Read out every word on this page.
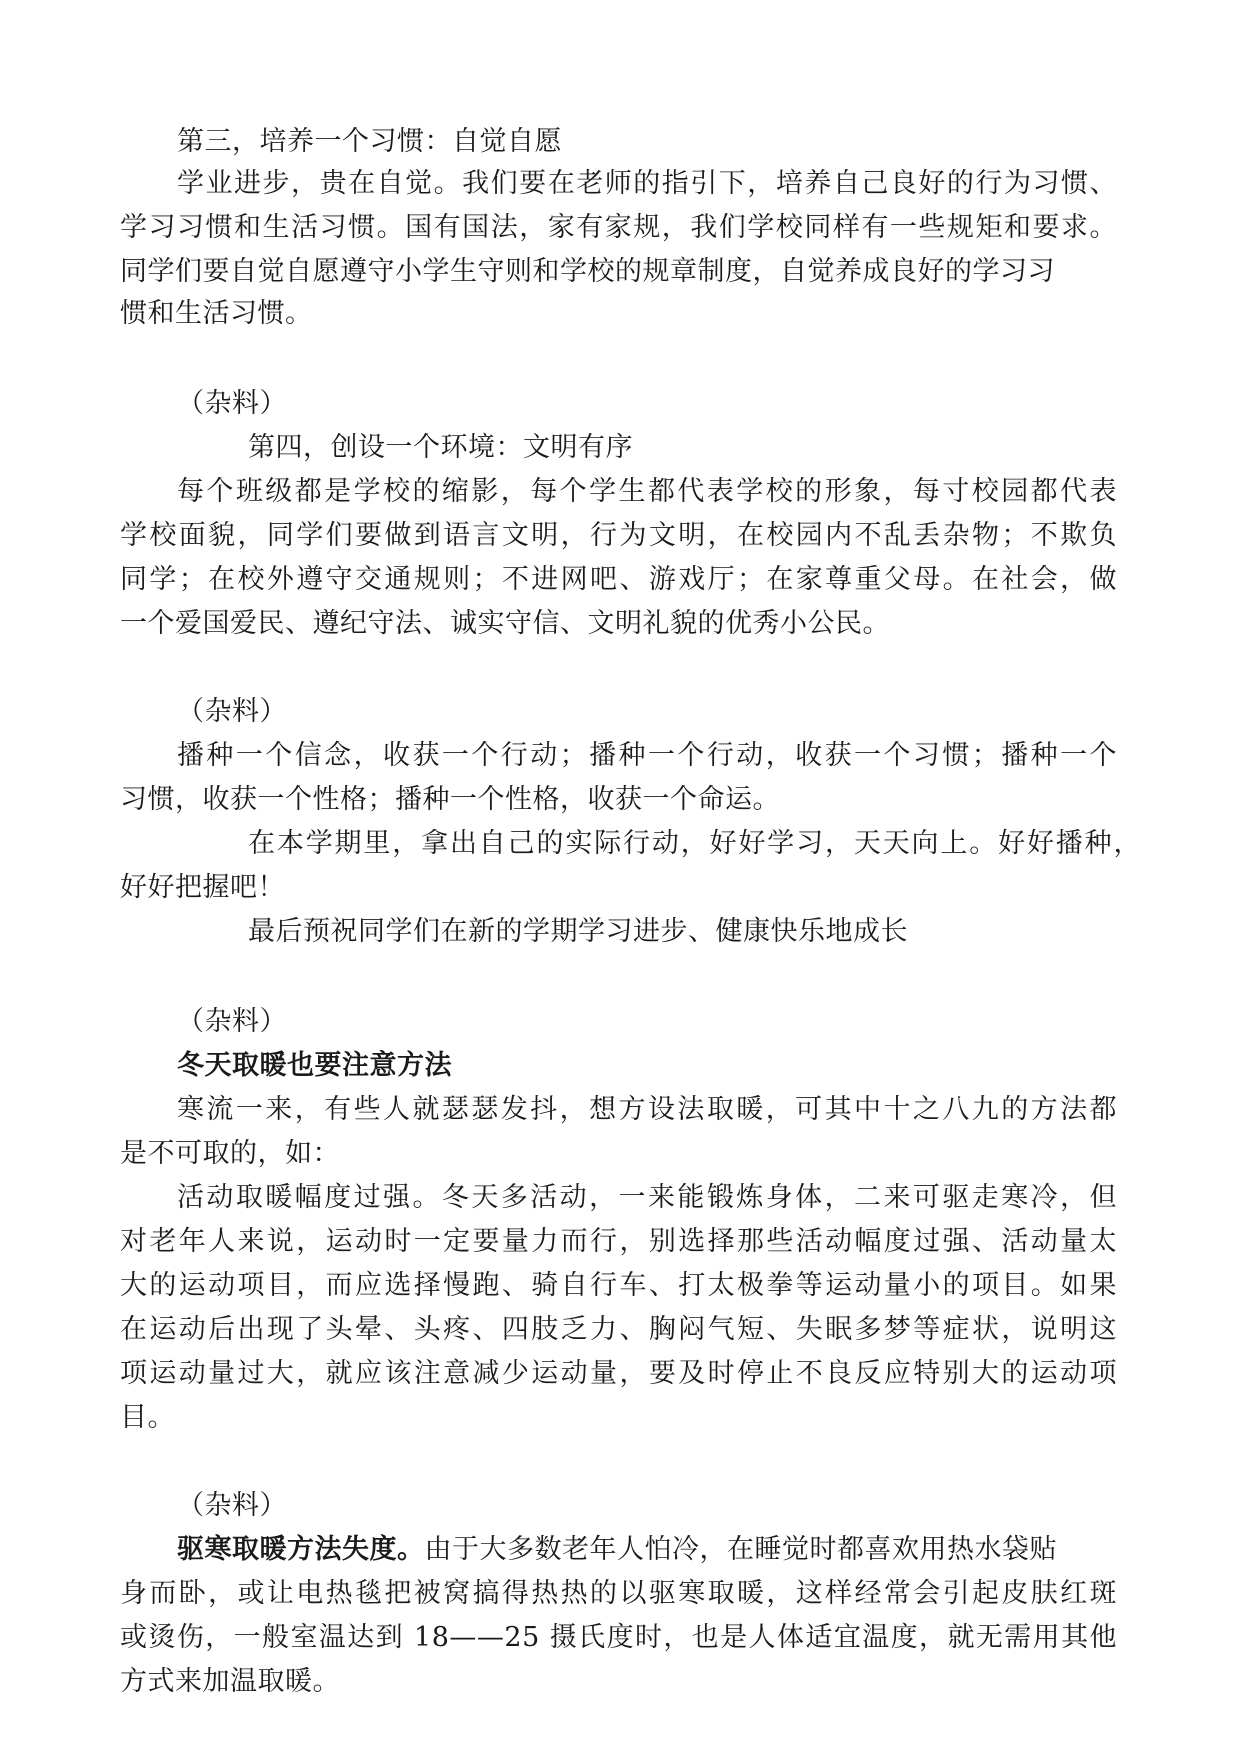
第三，培养一个习惯：自觉自愿
学业进步，贵在自觉。我们要在老师的指引下，培养自己良好的行为习惯、
学习习惯和生活习惯。国有国法，家有家规，我们学校同样有一些规矩和要求。
同学们要自觉自愿遵守小学生守则和学校的规章制度，自觉养成良好的学习习
惯和生活习惯。
（杂料）
第四，创设一个环境：文明有序
每个班级都是学校的缩影，每个学生都代表学校的形象，每寸校园都代表
学校面貌，同学们要做到语言文明，行为文明，在校园内不乱丢杂物；不欺负
同学；在校外遵守交通规则；不进网吧、游戏厅；在家尊重父母。在社会，做
一个爱国爱民、遵纪守法、诚实守信、文明礼貌的优秀小公民。
（杂料）
播种一个信念，收获一个行动；播种一个行动，收获一个习惯；播种一个
习惯，收获一个性格；播种一个性格，收获一个命运。
在本学期里，拿出自己的实际行动，好好学习，天天向上。好好播种，
好好把握吧！
最后预祝同学们在新的学期学习进步、健康快乐地成长
（杂料）
冬天取暖也要注意方法
寒流一来，有些人就瑟瑟发抖，想方设法取暖，可其中十之八九的方法都
是不可取的，如：
活动取暖幅度过强。冬天多活动，一来能锻炼身体，二来可驱走寒冷，但
对老年人来说，运动时一定要量力而行，别选择那些活动幅度过强、活动量太
大的运动项目，而应选择慢跑、骑自行车、打太极拳等运动量小的项目。如果
在运动后出现了头晕、头疼、四肢乏力、胸闷气短、失眠多梦等症状，说明这
项运动量过大，就应该注意减少运动量，要及时停止不良反应特别大的运动项
目。
（杂料）
驱寒取暖方法失度。由于大多数老年人怕冷，在睡觉时都喜欢用热水袋贴
身而卧，或让电热毯把被窝搞得热热的以驱寒取暖，这样经常会引起皮肤红斑
或烫伤，一般室温达到 18——25 摄氏度时，也是人体适宜温度，就无需用其他
方式来加温取暖。
